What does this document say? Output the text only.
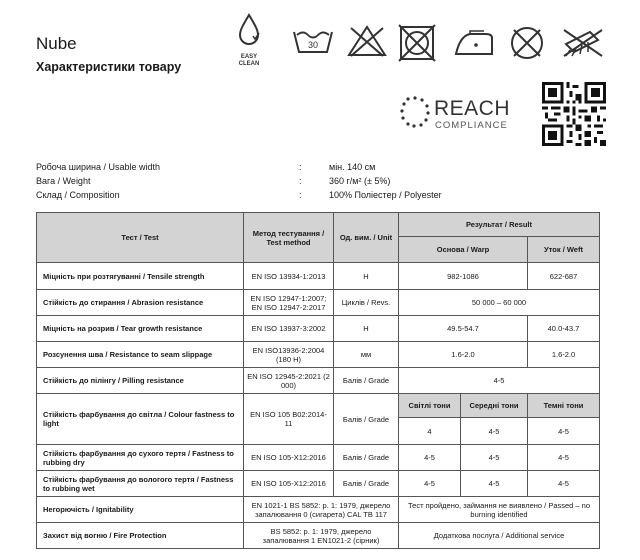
Nube
Характеристики товару
EASY CLEAN
30
REACH
COMPLIANCE
Робоча ширина / Usable width	:	мін. 140 см
Вага / Weight	:	360 г/м² (± 5%)
Склад / Composition	:	100% Поліестер / Polyester
Тест / Test	Метод тестування / Test method	Од. вим. / Unit	Результат / Result		
			Основа / Warp		Уток / Weft
Міцність при розтягуванні / Tensile strength	EN ISO 13934-1:2013	Н	982-1086		622-687
Стійкість до стирання / Abrasion resistance	EN ISO 12947-1:2007; EN ISO 12947-2:2017	Циклів / Revs.	50 000 – 60 000		
Міцність на розрив / Tear growth resistance	EN ISO 13937-3:2002	Н	49.5-54.7		40.0-43.7
Розсунення шва / Resistance to seam slippage	EN ISO13936-2:2004 (180 H)	мм	1.6-2.0		1.6-2.0
Стійкість до пілінгу / Pilling resistance	EN ISO 12945-2:2021 (2 000)	Балів / Grade	4-5		
Стійкість фарбування до світла / Colour fastness to light	EN ISO 105 B02:2014-11	Балів / Grade	Світлі тони	Середні тони	Темні тони
			4	4-5	4-5
Стійкість фарбування до сухого тертя / Fastness to rubbing dry	EN ISO 105-X12:2016	Балів / Grade	4-5	4-5	4-5
Стійкість фарбування до вологого тертя / Fastness to rubbing wet	EN ISO 105-X12:2016	Балів / Grade	4-5	4-5	4-5
Негорючість / Ignitability	EN 1021-1 BS 5852: р. 1: 1979, джерело запалювання 0 (сигарета) CAL TB 117		Тест пройдено, займання не виявлено / Passed – no burning identified		
Захист від вогню / Fire Protection	BS 5852: р. 1: 1979, джерело запалювання 1 EN1021-2 (сірник)		Додаткова послуга / Additional service		
